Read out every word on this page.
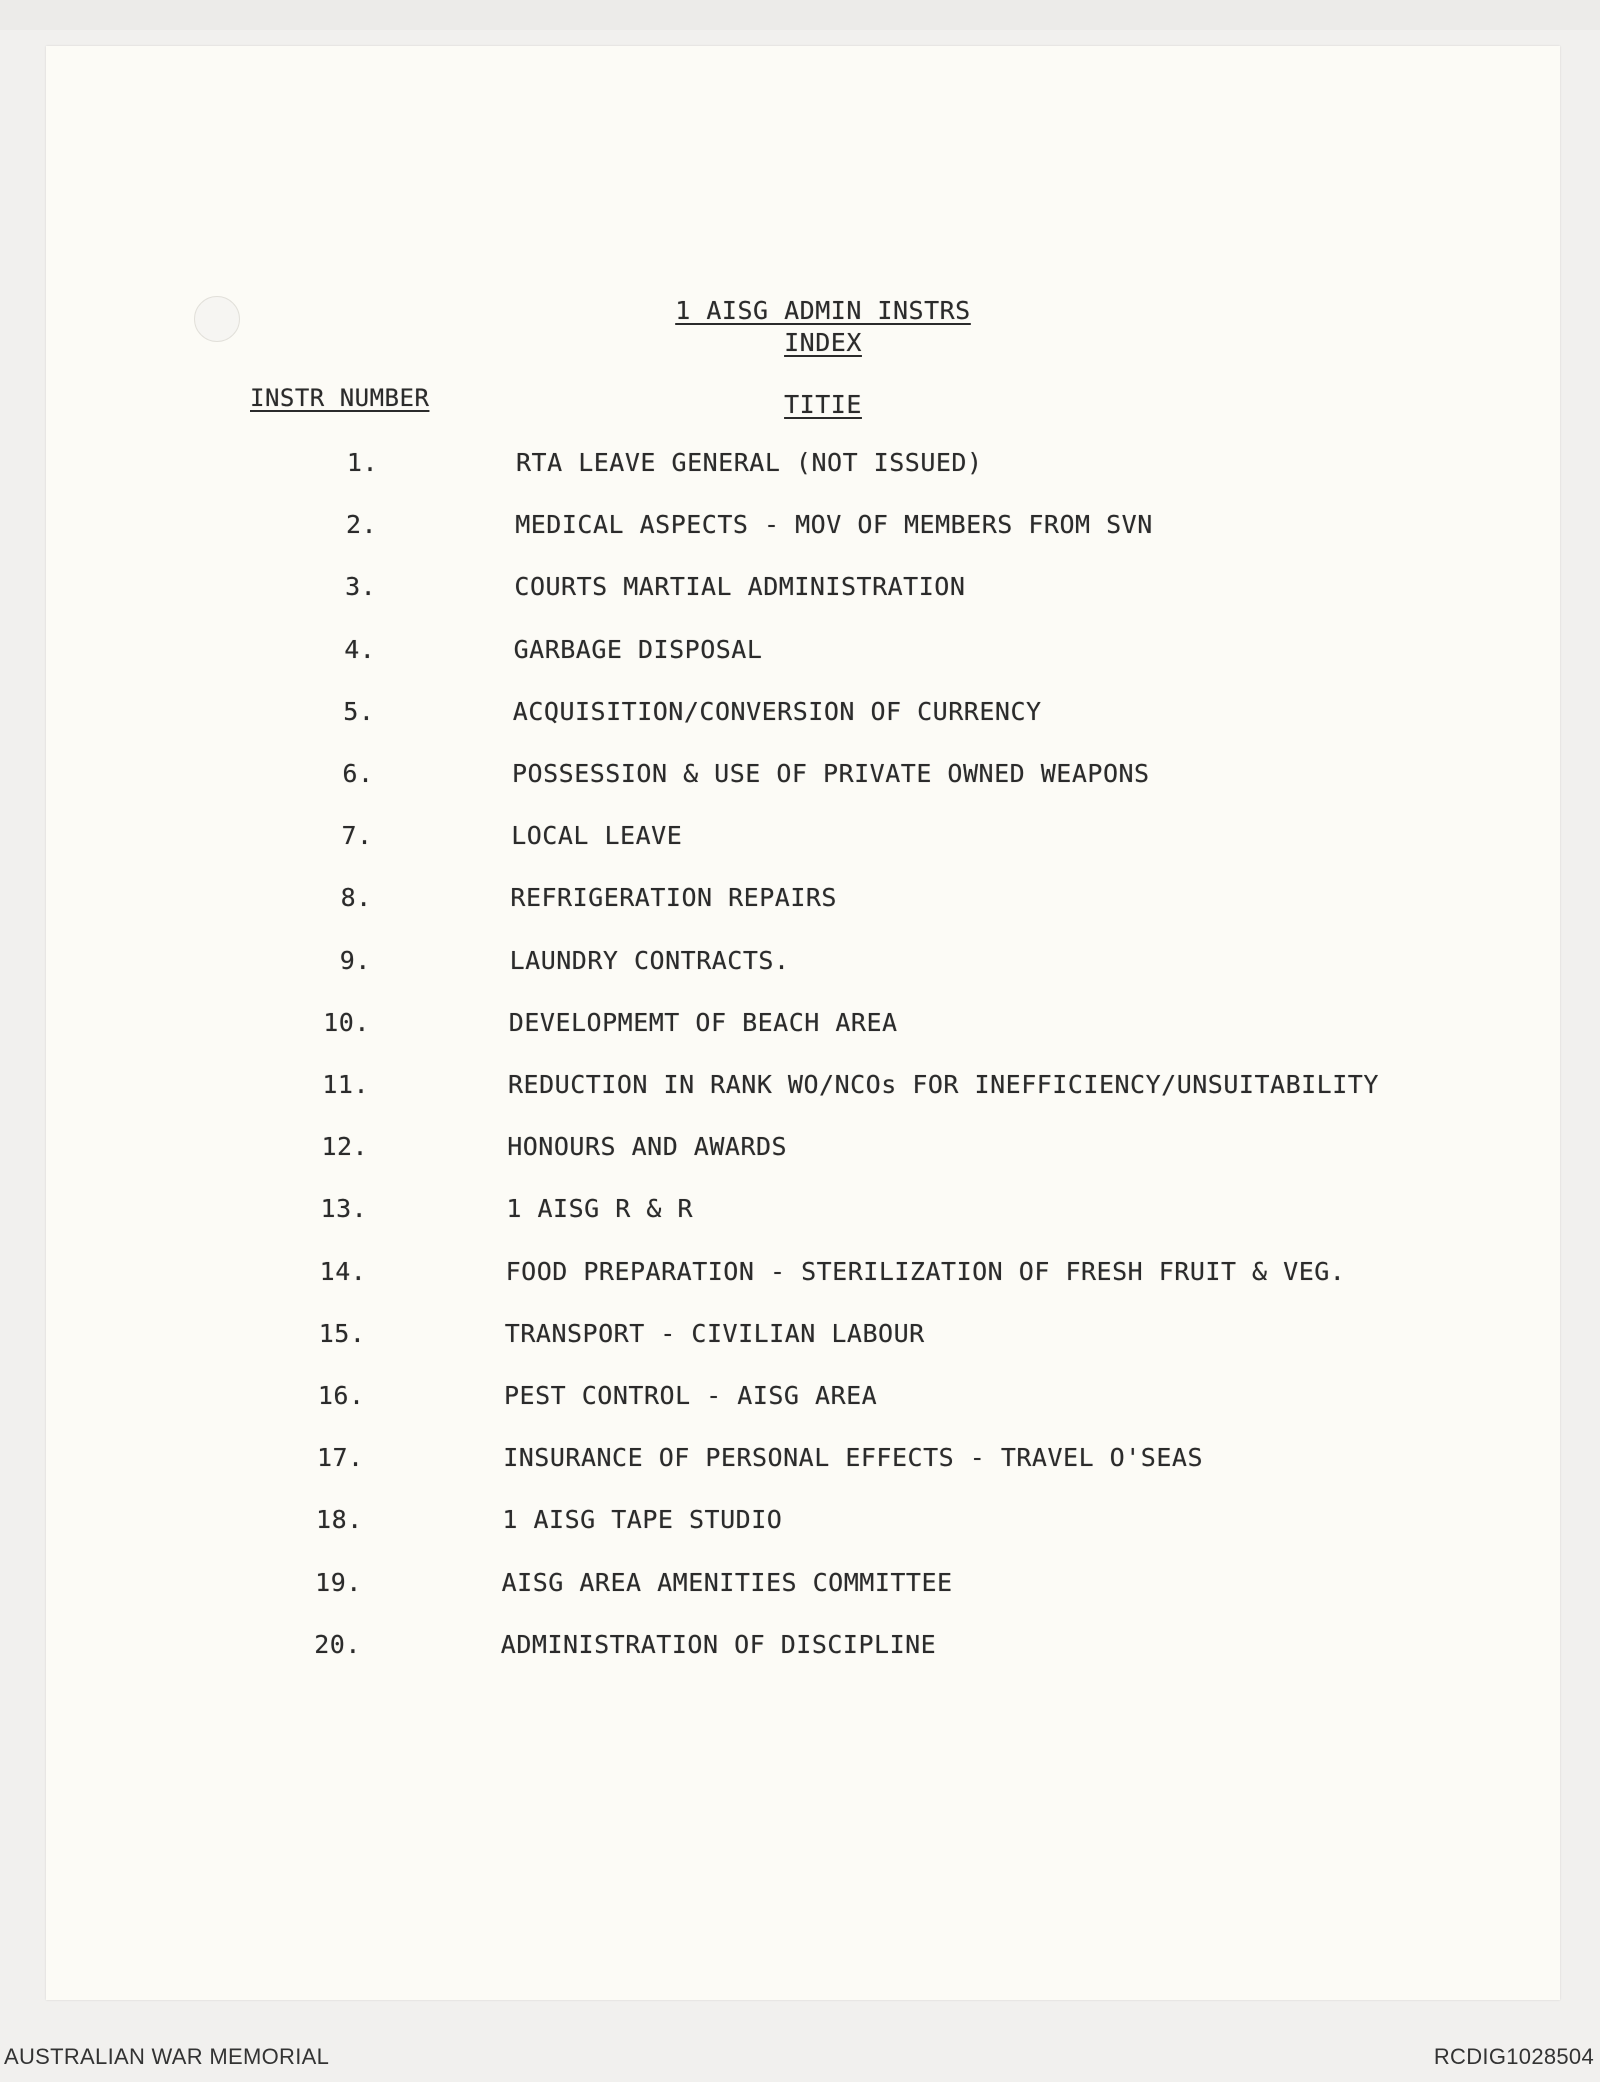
1 AISG ADMIN INSTRS
INDEX
INSTR NUMBER	TITIE
1.	RTA LEAVE GENERAL (NOT ISSUED)
2.	MEDICAL ASPECTS - MOV OF MEMBERS FROM SVN
3.	COURTS MARTIAL ADMINISTRATION
4.	GARBAGE DISPOSAL
5.	ACQUISITION/CONVERSION OF CURRENCY
6.	POSSESSION & USE OF PRIVATE OWNED WEAPONS
7.	LOCAL LEAVE
8.	REFRIGERATION REPAIRS
9.	LAUNDRY CONTRACTS.
10.	DEVELOPMEMT OF BEACH AREA
11.	REDUCTION IN RANK WO/NCOs FOR INEFFICIENCY/UNSUITABILITY
12.	HONOURS AND AWARDS
13.	1 AISG R & R
14.	FOOD PREPARATION - STERILIZATION OF FRESH FRUIT & VEG.
15.	TRANSPORT - CIVILIAN LABOUR
16.	PEST CONTROL - AISG AREA
17.	INSURANCE OF PERSONAL EFFECTS - TRAVEL O'SEAS
18.	1 AISG TAPE STUDIO
19.	AISG AREA AMENITIES COMMITTEE
20.	ADMINISTRATION OF DISCIPLINE
AUSTRALIAN WAR MEMORIAL	RCDIG1028504
